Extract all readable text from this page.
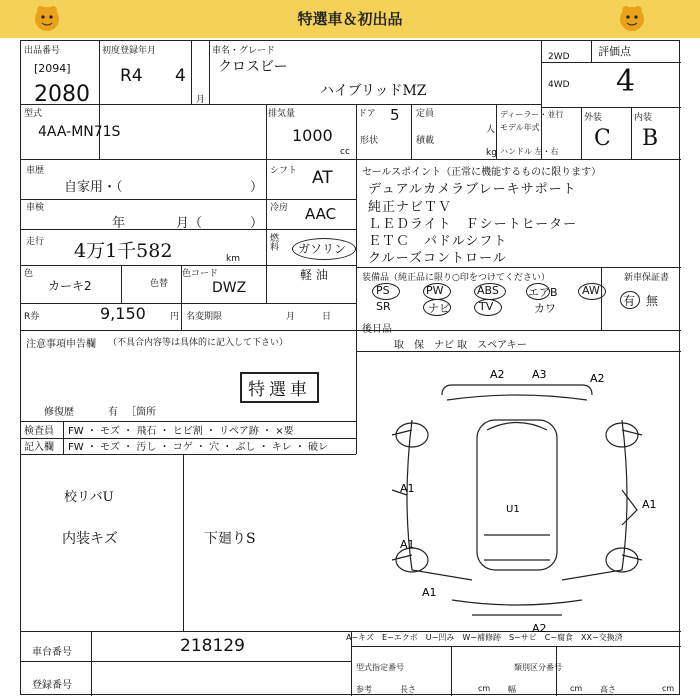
特選車＆初出品
出品番号
[2094]
2080
初度登録年月
R4 4
月
車名・グレード
クロスビー
ハイブリッドMZ
2WD
4WD
評価点
4
型式
4AA-MN71S
排気量
1000
cc
ドア 5 定員
人
形状	積載
kg
ディーラー・並行
モデル年式
ハンドル 左・右
外装	内装
C B
車歴
自家用・（	）
車検
年	月（	）
走行 4万1千582	km
色
カーキ2	色替
色コード
DWZ
シフト AT
冷房 AAC
燃料 ガソリン
軽 油
R券	9,150	円 名変期限	月	日
セールスポイント（正常に機能するものに限ります）
デュアルカメラブレーキサポート
純正ナビＴＶ
ＬＥＤライト　Ｆシートヒーター
ＥＴＣ　パドルシフト
クルーズコントロール
装備品（純正品に限り○印をつけてください）
PS	PW	ABS	エアB AW
SR	ナビ	TV	カワ
新車保証書
有 無
後日品
取　保　ナビ 取　スペアキー
注意事項申告欄 （不具合内容等は具体的に記入して下さい）
特選車
修復歴	有 ［箇所
検査員
記入欄
FW ・ モズ ・ 飛石 ・ ヒビ割 ・ リペア跡 ・ ×要
FW ・ モズ ・ 汚し ・ コゲ ・ 穴 ・ ぶし ・ キレ ・ 破レ
校リバU
内装キズ	下廻りS
A2 A3	A2
A1
U1	A1
A1
A1
A2
車台番号	218129
登録番号
A−キズ　E−エクボ　U−凹み　W−補修跡　S−サビ　C−腐食　XX−交換済
型式指定番号	類別区分番号
参考	長さ	cm 幅	cm 高さ	cm
